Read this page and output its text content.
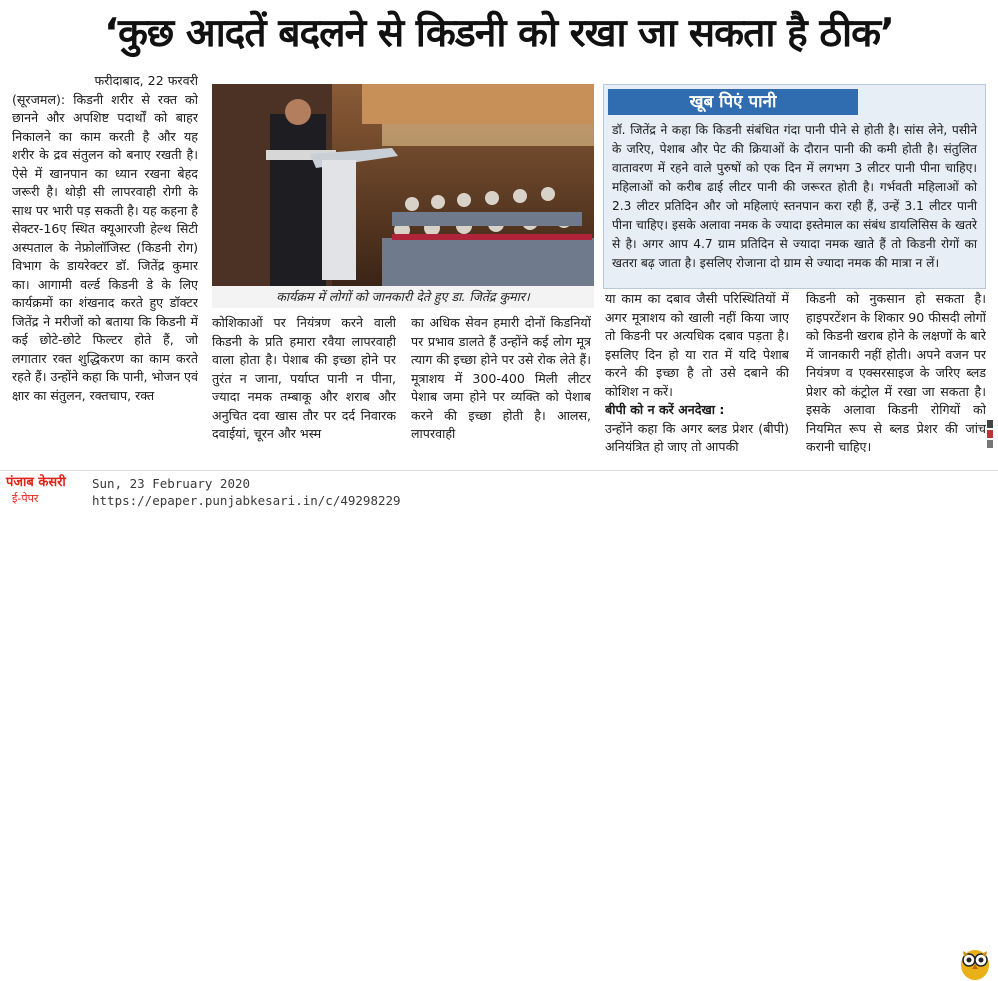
‘कुछ आदतें बदलने से किडनी को रखा जा सकता है ठीक’
फरीदाबाद, 22 फरवरी

(सूरजमल): किडनी शरीर से रक्त को छानने और अपशिष्ट पदार्थों को बाहर निकालने का काम करती है और यह शरीर के द्रव संतुलन को बनाए रखती है। ऐसे में खानपान का ध्यान रखना बेहद जरूरी है। थोड़ी सी लापरवाही रोगी के साथ पर भारी पड़ सकती है। यह कहना है सेक्टर-16ए स्थित क्यूआरजी हेल्थ सिटी अस्पताल के नेफ्रोलॉजिस्ट (किडनी रोग) विभाग के डायरेक्टर डॉ. जितेंद्र कुमार का। आगामी वर्ल्ड किडनी डे के लिए कार्यक्रमों का शंखनाद करते हुए डॉक्टर जितेंद्र ने मरीजों को बताया कि किडनी में कई छोटे-छोटे फिल्टर होते हैं, जो लगातार रक्त शुद्धिकरण का काम करते रहते हैं। उन्होंने कहा कि पानी, भोजन एवं क्षार का संतुलन, रक्तचाप, रक्त

कार्यक्रम में लोगों को जानकारी देते हुए डा. जितेंद्र कुमार।
खूब पिएं पानी

डॉ. जितेंद्र ने कहा कि किडनी संबंधित गंदा पानी पीने से होती है। सांस लेने, पसीने के जरिए, पेशाब और पेट की क्रियाओं के दौरान पानी की कमी होती है। संतुलित वातावरण में रहने वाले पुरुषों को एक दिन में लगभग 3 लीटर पानी पीना चाहिए। महिलाओं को करीब ढाई लीटर पानी की जरूरत होती है। गर्भवती महिलाओं को 2.3 लीटर प्रतिदिन और जो महिलाएं स्तनपान करा रही हैं, उन्हें 3.1 लीटर पानी पीना चाहिए। इसके अलावा नमक के ज्यादा इस्तेमाल का संबंध डायलिसिस के खतरे से है। अगर आप 4.7 ग्राम प्रतिदिन से ज्यादा नमक खाते हैं तो किडनी रोगों का खतरा बढ़ जाता है। इसलिए रोजाना दो ग्राम से ज्यादा नमक की मात्रा न लें।

कोशिकाओं पर नियंत्रण करने वाली किडनी के प्रति हमारा रवैया लापरवाही वाला होता है। पेशाब की इच्छा होने पर तुरंत न जाना, पर्याप्त पानी न पीना, ज्यादा नमक तम्बाकू और शराब और अनुचित दवा खास तौर पर दर्द निवारक दवाईयां, चूरन और भस्म

का अधिक सेवन हमारी दोनों किडनियों पर प्रभाव डालते हैं उन्होंने कई लोग मूत्र त्याग की इच्छा होने पर उसे रोक लेते हैं। मूत्राशय में 300-400 मिली लीटर पेशाब जमा होने पर व्यक्ति को पेशाब करने की इच्छा होती है। आलस, लापरवाही

या काम का दबाव जैसी परिस्थितियों में अगर मूत्राशय को खाली नहीं किया जाए तो किडनी पर अत्यधिक दबाव पड़ता है। इसलिए दिन हो या रात में यदि पेशाब करने की इच्छा है तो उसे दबाने की कोशिश न करें।

बीपी को न करें अनदेखा :

उन्होंने कहा कि अगर ब्लड प्रेशर (बीपी) अनियंत्रित हो जाए तो आपकी

किडनी को नुकसान हो सकता है। हाइपरटेंशन के शिकार 90 फीसदी लोगों को किडनी खराब होने के लक्षणों के बारे में जानकारी नहीं होती। अपने वजन पर नियंत्रण व एक्सरसाइज के जरिए ब्लड प्रेशर को कंट्रोल में रखा जा सकता है। इसके अलावा किडनी रोगियों को नियमित रूप से ब्लड प्रेशर की जांच करानी चाहिए।

पंजाब केसरी
ई-पेपर
Sun, 23 February 2020
https://epaper.punjabkesari.in/c/49298229
